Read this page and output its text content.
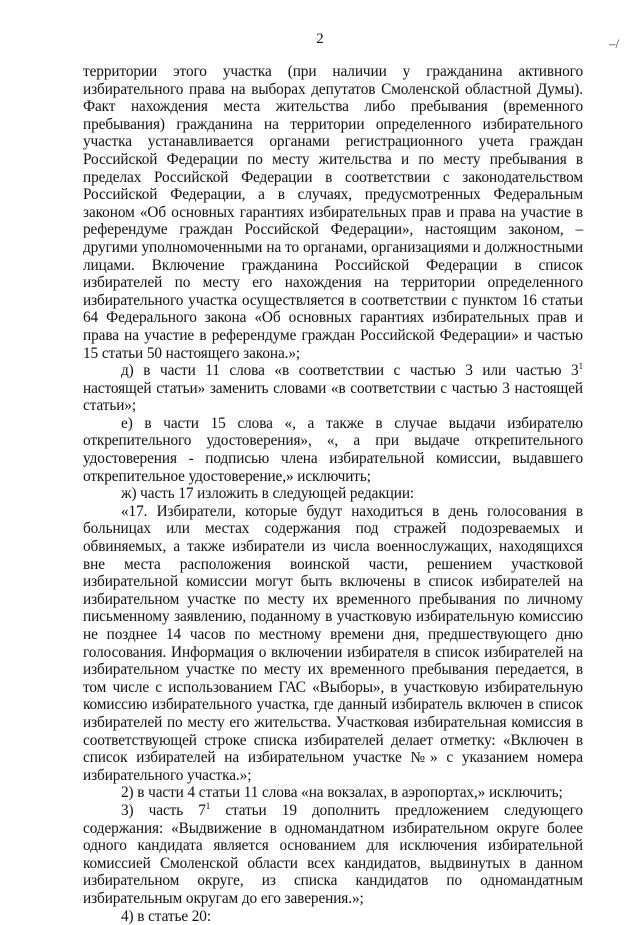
2	–/

территории этого участка (при наличии у гражданина активного избирательного права на выборах депутатов Смоленской областной Думы). Факт нахождения места жительства либо пребывания (временного пребывания) гражданина на территории определенного избирательного участка устанавливается органами регистрационного учета граждан Российской Федерации по месту жительства и по месту пребывания в пределах Российской Федерации в соответствии с законодательством Российской Федерации, а в случаях, предусмотренных Федеральным законом «Об основных гарантиях избирательных прав и права на участие в референдуме граждан Российской Федерации», настоящим законом, – другими уполномоченными на то органами, организациями и должностными лицами. Включение гражданина Российской Федерации в список избирателей по месту его нахождения на территории определенного избирательного участка осуществляется в соответствии с пунктом 16 статьи 64 Федерального закона «Об основных гарантиях избирательных прав и права на участие в референдуме граждан Российской Федерации» и частью 15 статьи 50 настоящего закона.»;

д) в части 11 слова «в соответствии с частью 3 или частью $3^1$ настоящей статьи» заменить словами «в соответствии с частью 3 настоящей статьи»;

е) в части 15 слова «, а также в случае выдачи избирателю открепительного удостоверения», «, а при выдаче открепительного удостоверения - подписью члена избирательной комиссии, выдавшего открепительное удостоверение,» исключить;

ж) часть 17 изложить в следующей редакции:

«17. Избиратели, которые будут находиться в день голосования в больницах или местах содержания под стражей подозреваемых и обвиняемых, а также избиратели из числа военнослужащих, находящихся вне места расположения воинской части, решением участковой избирательной комиссии могут быть включены в список избирателей на избирательном участке по месту их временного пребывания по личному письменному заявлению, поданному в участковую избирательную комиссию не позднее 14 часов по местному времени дня, предшествующего дню голосования. Информация о включении избирателя в список избирателей на избирательном участке по месту их временного пребывания передается, в том числе с использованием ГАС «Выборы», в участковую избирательную комиссию избирательного участка, где данный избиратель включен в список избирателей по месту его жительства. Участковая избирательная комиссия в соответствующей строке списка избирателей делает отметку: «Включен в список избирателей на избирательном участке №» с указанием номера избирательного участка.»;

2) в части 4 статьи 11 слова «на вокзалах, в аэропортах,» исключить;

3) часть $7^1$ статьи 19 дополнить предложением следующего содержания: «Выдвижение в одномандатном избирательном округе более одного кандидата является основанием для исключения избирательной комиссией Смоленской области всех кандидатов, выдвинутых в данном избирательном округе, из списка кандидатов по одномандатным избирательным округам до его заверения.»;

4) в статье 20:
